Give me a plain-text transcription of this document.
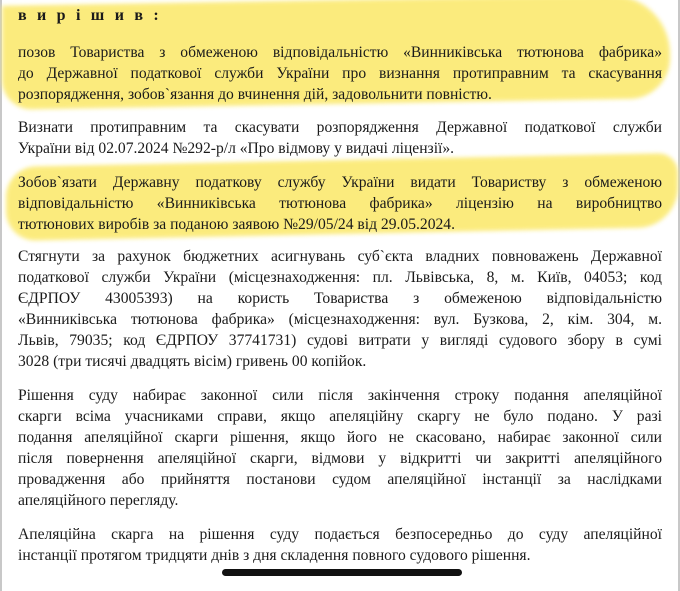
в и р і ш и в :
позов Товариства з обмеженою відповідальністю «Винниківська тютюнова фабрика»
до Державної податкової служби України про визнання протиправним та скасування
розпорядження, зобов`язання до вчинення дій, задовольнити повністю.
Визнати протиправним та скасувати розпорядження Державної податкової служби
України від 02.07.2024 №292-р/л «Про відмову у видачі ліцензії».
Зобов`язати Державну податкову службу України видати Товариству з обмеженою
відповідальністю «Винниківська тютюнова фабрика» ліцензію на виробництво
тютюнових виробів за поданою заявою №29/05/24 від 29.05.2024.
Стягнути за рахунок бюджетних асигнувань суб`єкта владних повноважень Державної
податкової служби України (місцезнаходження: пл. Львівська, 8, м. Київ, 04053; код
ЄДРПОУ 43005393) на користь Товариства з обмеженою відповідальністю
«Винниківська тютюнова фабрика» (місцезнаходження: вул. Бузкова, 2, кім. 304, м.
Львів, 79035; код ЄДРПОУ 37741731) судові витрати у вигляді судового збору в сумі
3028 (три тисячі двадцять вісім) гривень 00 копійок.
Рішення суду набирає законної сили після закінчення строку подання апеляційної
скарги всіма учасниками справи, якщо апеляційну скаргу не було подано. У разі
подання апеляційної скарги рішення, якщо його не скасовано, набирає законної сили
після повернення апеляційної скарги, відмови у відкритті чи закритті апеляційного
провадження або прийняття постанови судом апеляційної інстанції за наслідками
апеляційного перегляду.
Апеляційна скарга на рішення суду подається безпосередньо до суду апеляційної
інстанції протягом тридцяти днів з дня складення повного судового рішення.
